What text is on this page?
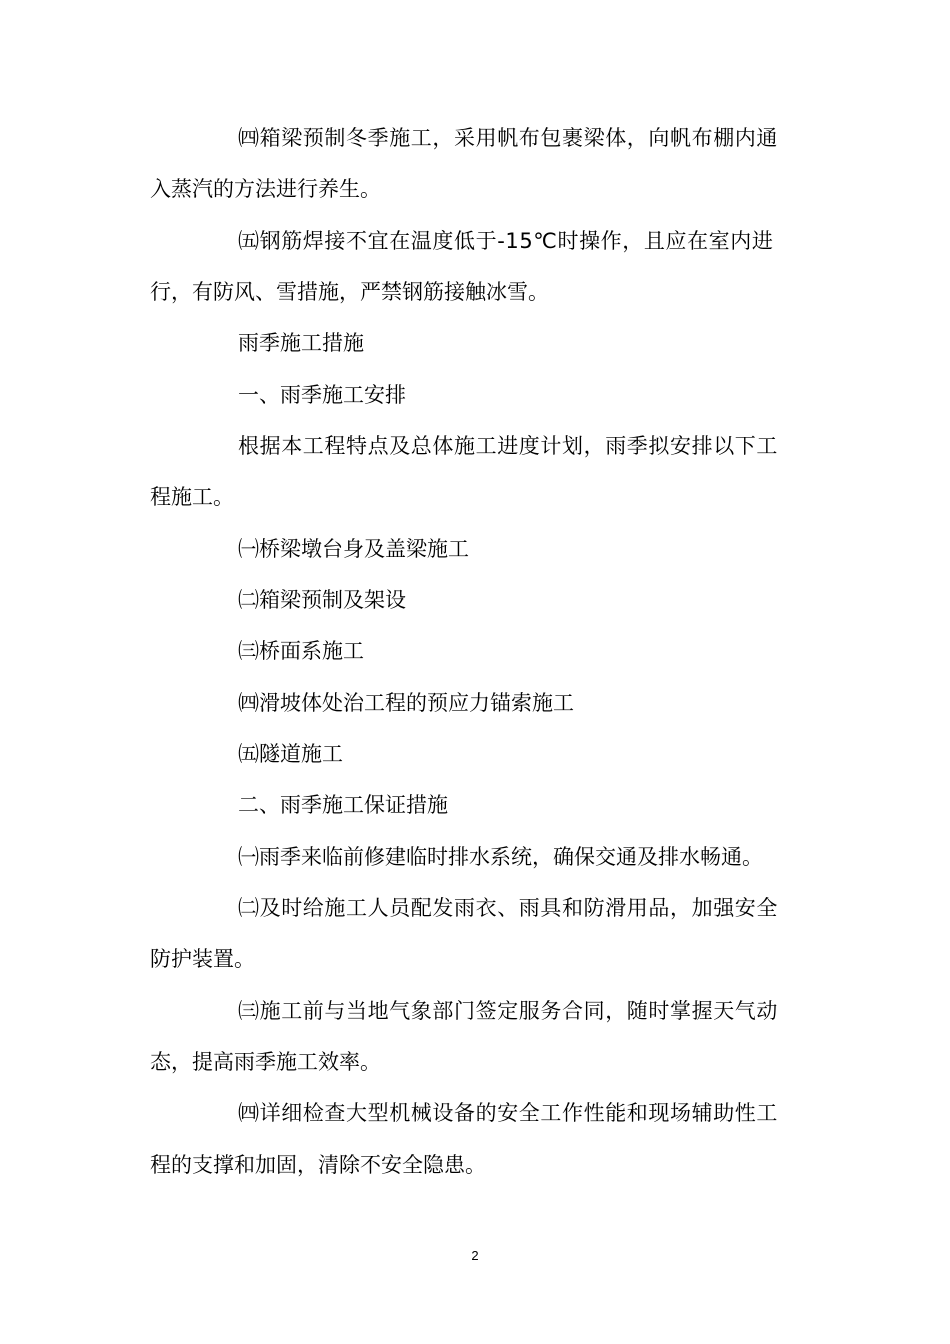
㈣箱梁预制冬季施工，采用帆布包裹梁体，向帆布棚内通
入蒸汽的方法进行养生。
㈤钢筋焊接不宜在温度低于-15℃时操作，且应在室内进
行，有防风、雪措施，严禁钢筋接触冰雪。
雨季施工措施
一、雨季施工安排
根据本工程特点及总体施工进度计划，雨季拟安排以下工
程施工。
㈠桥梁墩台身及盖梁施工
㈡箱梁预制及架设
㈢桥面系施工
㈣滑坡体处治工程的预应力锚索施工
㈤隧道施工
二、雨季施工保证措施
㈠雨季来临前修建临时排水系统，确保交通及排水畅通。
㈡及时给施工人员配发雨衣、雨具和防滑用品，加强安全
防护装置。
㈢施工前与当地气象部门签定服务合同，随时掌握天气动
态，提高雨季施工效率。
㈣详细检查大型机械设备的安全工作性能和现场辅助性工
程的支撑和加固，清除不安全隐患。
2
